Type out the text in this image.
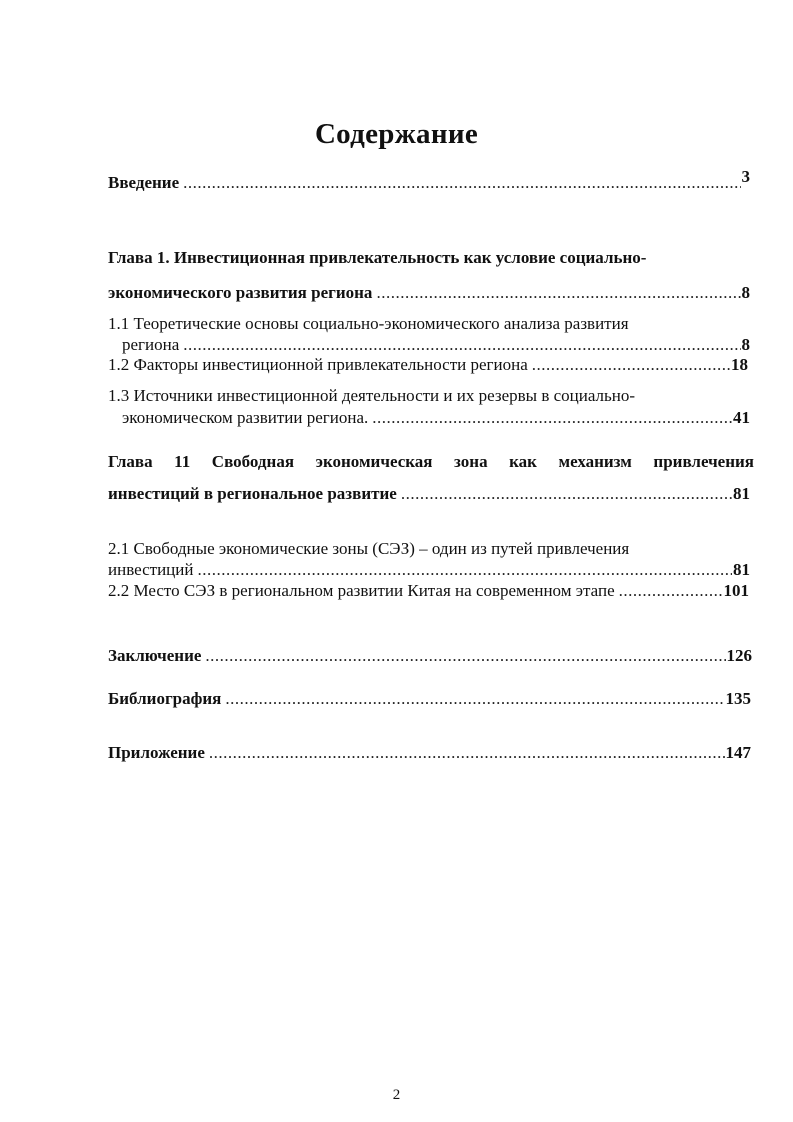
Содержание
Введение .....	3
Глава 1. Инвестиционная привлекательность как условие социально-
экономического развития региона .....	8
1.1 Теоретические основы социально-экономического анализа развития
региона .....	8
1.2 Факторы инвестиционной привлекательности региона .....	18
1.3 Источники инвестиционной деятельности и их резервы в социально-
экономическом развитии региона. .....	41
Глава 11 Свободная экономическая зона как механизм привлечения
инвестиций в региональное развитие .....	81
2.1 Свободные экономические зоны (СЭЗ) – один из путей привлечения
инвестиций .....	81
2.2 Место СЭЗ в региональном развитии Китая на современном этапе .....	101
Заключение .....	126
Библиография .....	135
Приложение .....	147
2
